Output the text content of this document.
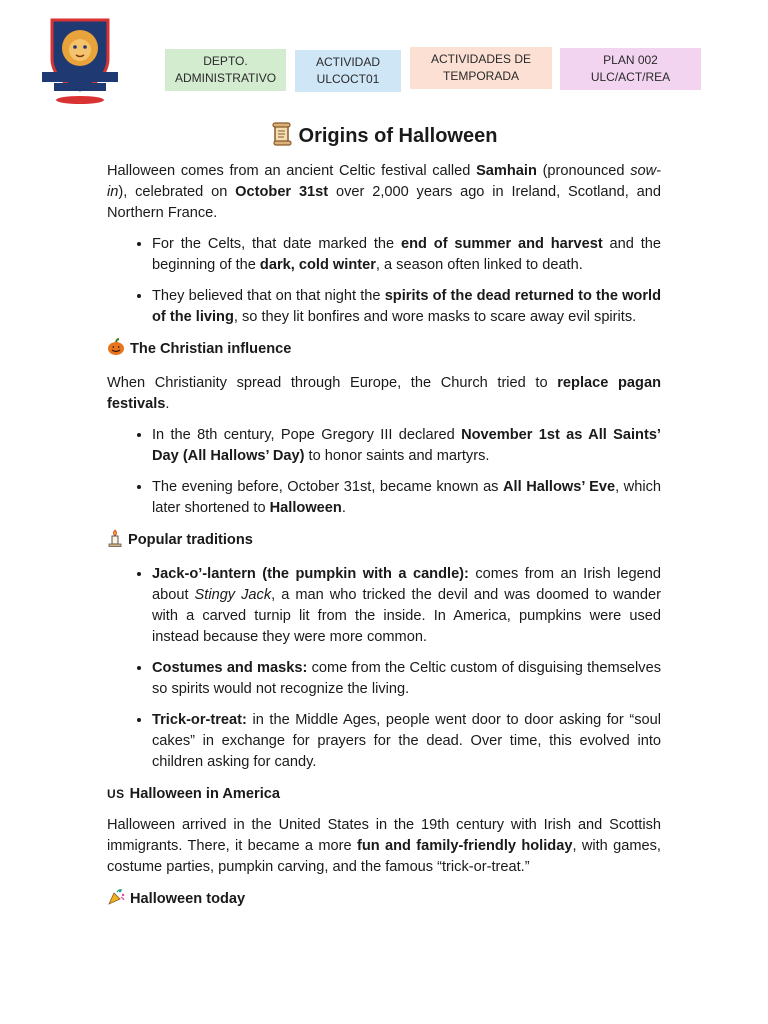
DEPTO.
ADMINISTRATIVO
ACTIVIDAD
ULCOCT01
ACTIVIDADES DE
TEMPORADA
PLAN 002
ULC/ACT/REA
Origins of Halloween

Halloween comes from an ancient Celtic festival called Samhain (pronounced sow-in), celebrated on October 31st over 2,000 years ago in Ireland, Scotland, and Northern France.

• For the Celts, that date marked the end of summer and harvest and the beginning of the dark, cold winter, a season often linked to death.
• They believed that on that night the spirits of the dead returned to the world of the living, so they lit bonfires and wore masks to scare away evil spirits.
The Christian influence

When Christianity spread through Europe, the Church tried to replace pagan festivals.

• In the 8th century, Pope Gregory III declared November 1st as All Saints’ Day (All Hallows’ Day) to honor saints and martyrs.
• The evening before, October 31st, became known as All Hallows’ Eve, which later shortened to Halloween.
Popular traditions
• Jack-o’-lantern (the pumpkin with a candle): comes from an Irish legend about Stingy Jack, a man who tricked the devil and was doomed to wander with a carved turnip lit from the inside. In America, pumpkins were used instead because they were more common.
• Costumes and masks: come from the Celtic custom of disguising themselves so spirits would not recognize the living.
• Trick-or-treat: in the Middle Ages, people went door to door asking for “soul cakes” in exchange for prayers for the dead. Over time, this evolved into children asking for candy.
US Halloween in America

Halloween arrived in the United States in the 19th century with Irish and Scottish immigrants. There, it became a more fun and family-friendly holiday, with games, costume parties, pumpkin carving, and the famous “trick-or-treat.”

Halloween today
